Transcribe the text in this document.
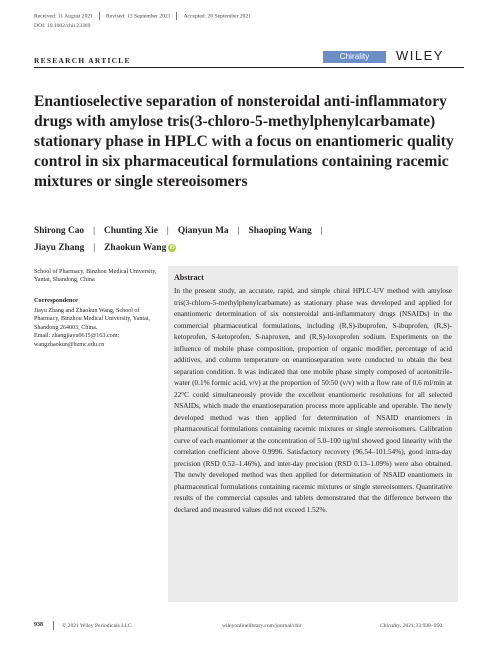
Received: 11 August 2021 Revised: 13 September 2021 Accepted: 20 September 2021
DOI: 10.1002/chir.23369
RESEARCH ARTICLE	Chirality	WILEY
Enantioselective separation of nonsteroidal anti-inflammatory drugs with amylose tris(3-chloro-5-methylphenylcarbamate) stationary phase in HPLC with a focus on enantiomeric quality control in six pharmaceutical formulations containing racemic mixtures or single stereoisomers
Shirong Cao | Chunting Xie | Qianyun Ma | Shaoping Wang |
Jiayu Zhang | Zhaokun Wang iD
School of Pharmacy, Binzhou Medical University, Yantai, Shandong, China
Correspondence
Jiayu Zhang and Zhaokun Wang, School of Pharmacy, Binzhou Medical University, Yantai, Shandong 264003, China.
Email: zhangjiayu0615@163.com; wangzhaokun@bzmc.edu.cn
Abstract
In the present study, an accurate, rapid, and simple chiral HPLC-UV method with amylose tris(3-chloro-5-methylphenylcarbamate) as stationary phase was developed and applied for enantiomeric determination of six nonsteroidal anti-inflammatory drugs (NSAIDs) in the commercial pharmaceutical formulations, including (R,S)-ibuprofen, S-ibuprofen, (R,S)-ketoprofen, S-ketoprofen, S-naproxen, and (R,S)-loxoprofen sodium. Experiments on the influence of mobile phase composition, proportion of organic modifier, percentage of acid additives, and column temperature on enantioseparation were conducted to obtain the best separation condition. It was indicated that one mobile phase simply composed of acetonitrile-water (0.1% formic acid, v/v) at the proportion of 50:50 (v/v) with a flow rate of 0.6 ml/min at 22°C could simultaneously provide the excellent enantiomeric resolutions for all selected NSAIDs, which made the enantioseparation process more applicable and operable. The newly developed method was then applied for determination of NSAID enantiomers in pharmaceutical formulations containing racemic mixtures or single stereoisomers. Calibration curve of each enantiomer at the concentration of 5.0–100 ug/ml showed good linearity with the correlation coefficient above 0.9996. Satisfactory recovery (96.54–101.54%), good intra-day precision (RSD 0.52–1.46%), and inter-day precision (RSD 0.13–1.09%) were also obtained. The newly developed method was then applied for determination of NSAID enantiomers in pharmaceutical formulations containing racemic mixtures or single stereoisomers. Quantitative results of the commercial capsules and tablets demonstrated that the difference between the declared and measured values did not exceed 1.52%.
938	© 2021 Wiley Periodicals LLC.	wileyonlinelibrary.com/journal/chir	Chirality. 2021;33:938–950.
